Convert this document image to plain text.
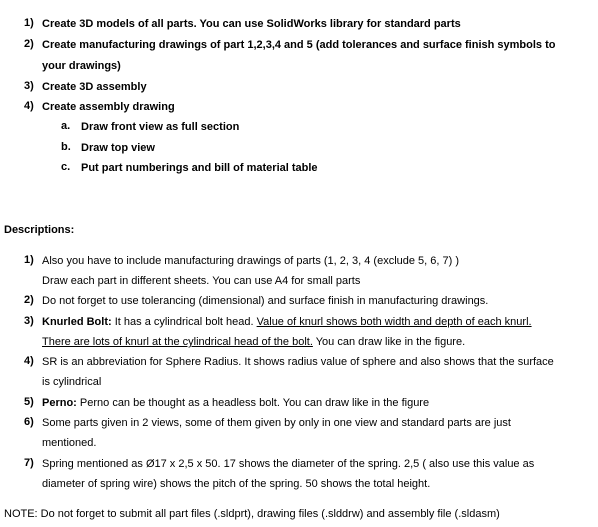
1) Create 3D models of all parts. You can use SolidWorks library for standard parts
2) Create manufacturing drawings of part 1,2,3,4 and 5 (add tolerances and surface finish symbols to
your drawings)
3) Create 3D assembly
4) Create assembly drawing
a. Draw front view as full section
b. Draw top view
c. Put part numberings and bill of material table
Descriptions:
1) Also you have to include manufacturing drawings of parts (1, 2, 3, 4 (exclude 5, 6, 7) )
Draw each part in different sheets. You can use A4 for small parts
2) Do not forget to use tolerancing (dimensional) and surface finish in manufacturing drawings.
3) Knurled Bolt: It has a cylindrical bolt head. Value of knurl shows both width and depth of each knurl.
There are lots of knurl at the cylindrical head of the bolt. You can draw like in the figure.
4) SR is an abbreviation for Sphere Radius. It shows radius value of sphere and also shows that the surface
is cylindrical
5) Perno: Perno can be thought as a headless bolt. You can draw like in the figure
6) Some parts given in 2 views, some of them given by only in one view and standard parts are just
mentioned.
7) Spring mentioned as Ø17 x 2,5 x 50. 17 shows the diameter of the spring. 2,5 ( also use this value as
diameter of spring wire) shows the pitch of the spring. 50 shows the total height.
NOTE: Do not forget to submit all part files (.sldprt), drawing files (.slddrw) and assembly file (.sldasm)
